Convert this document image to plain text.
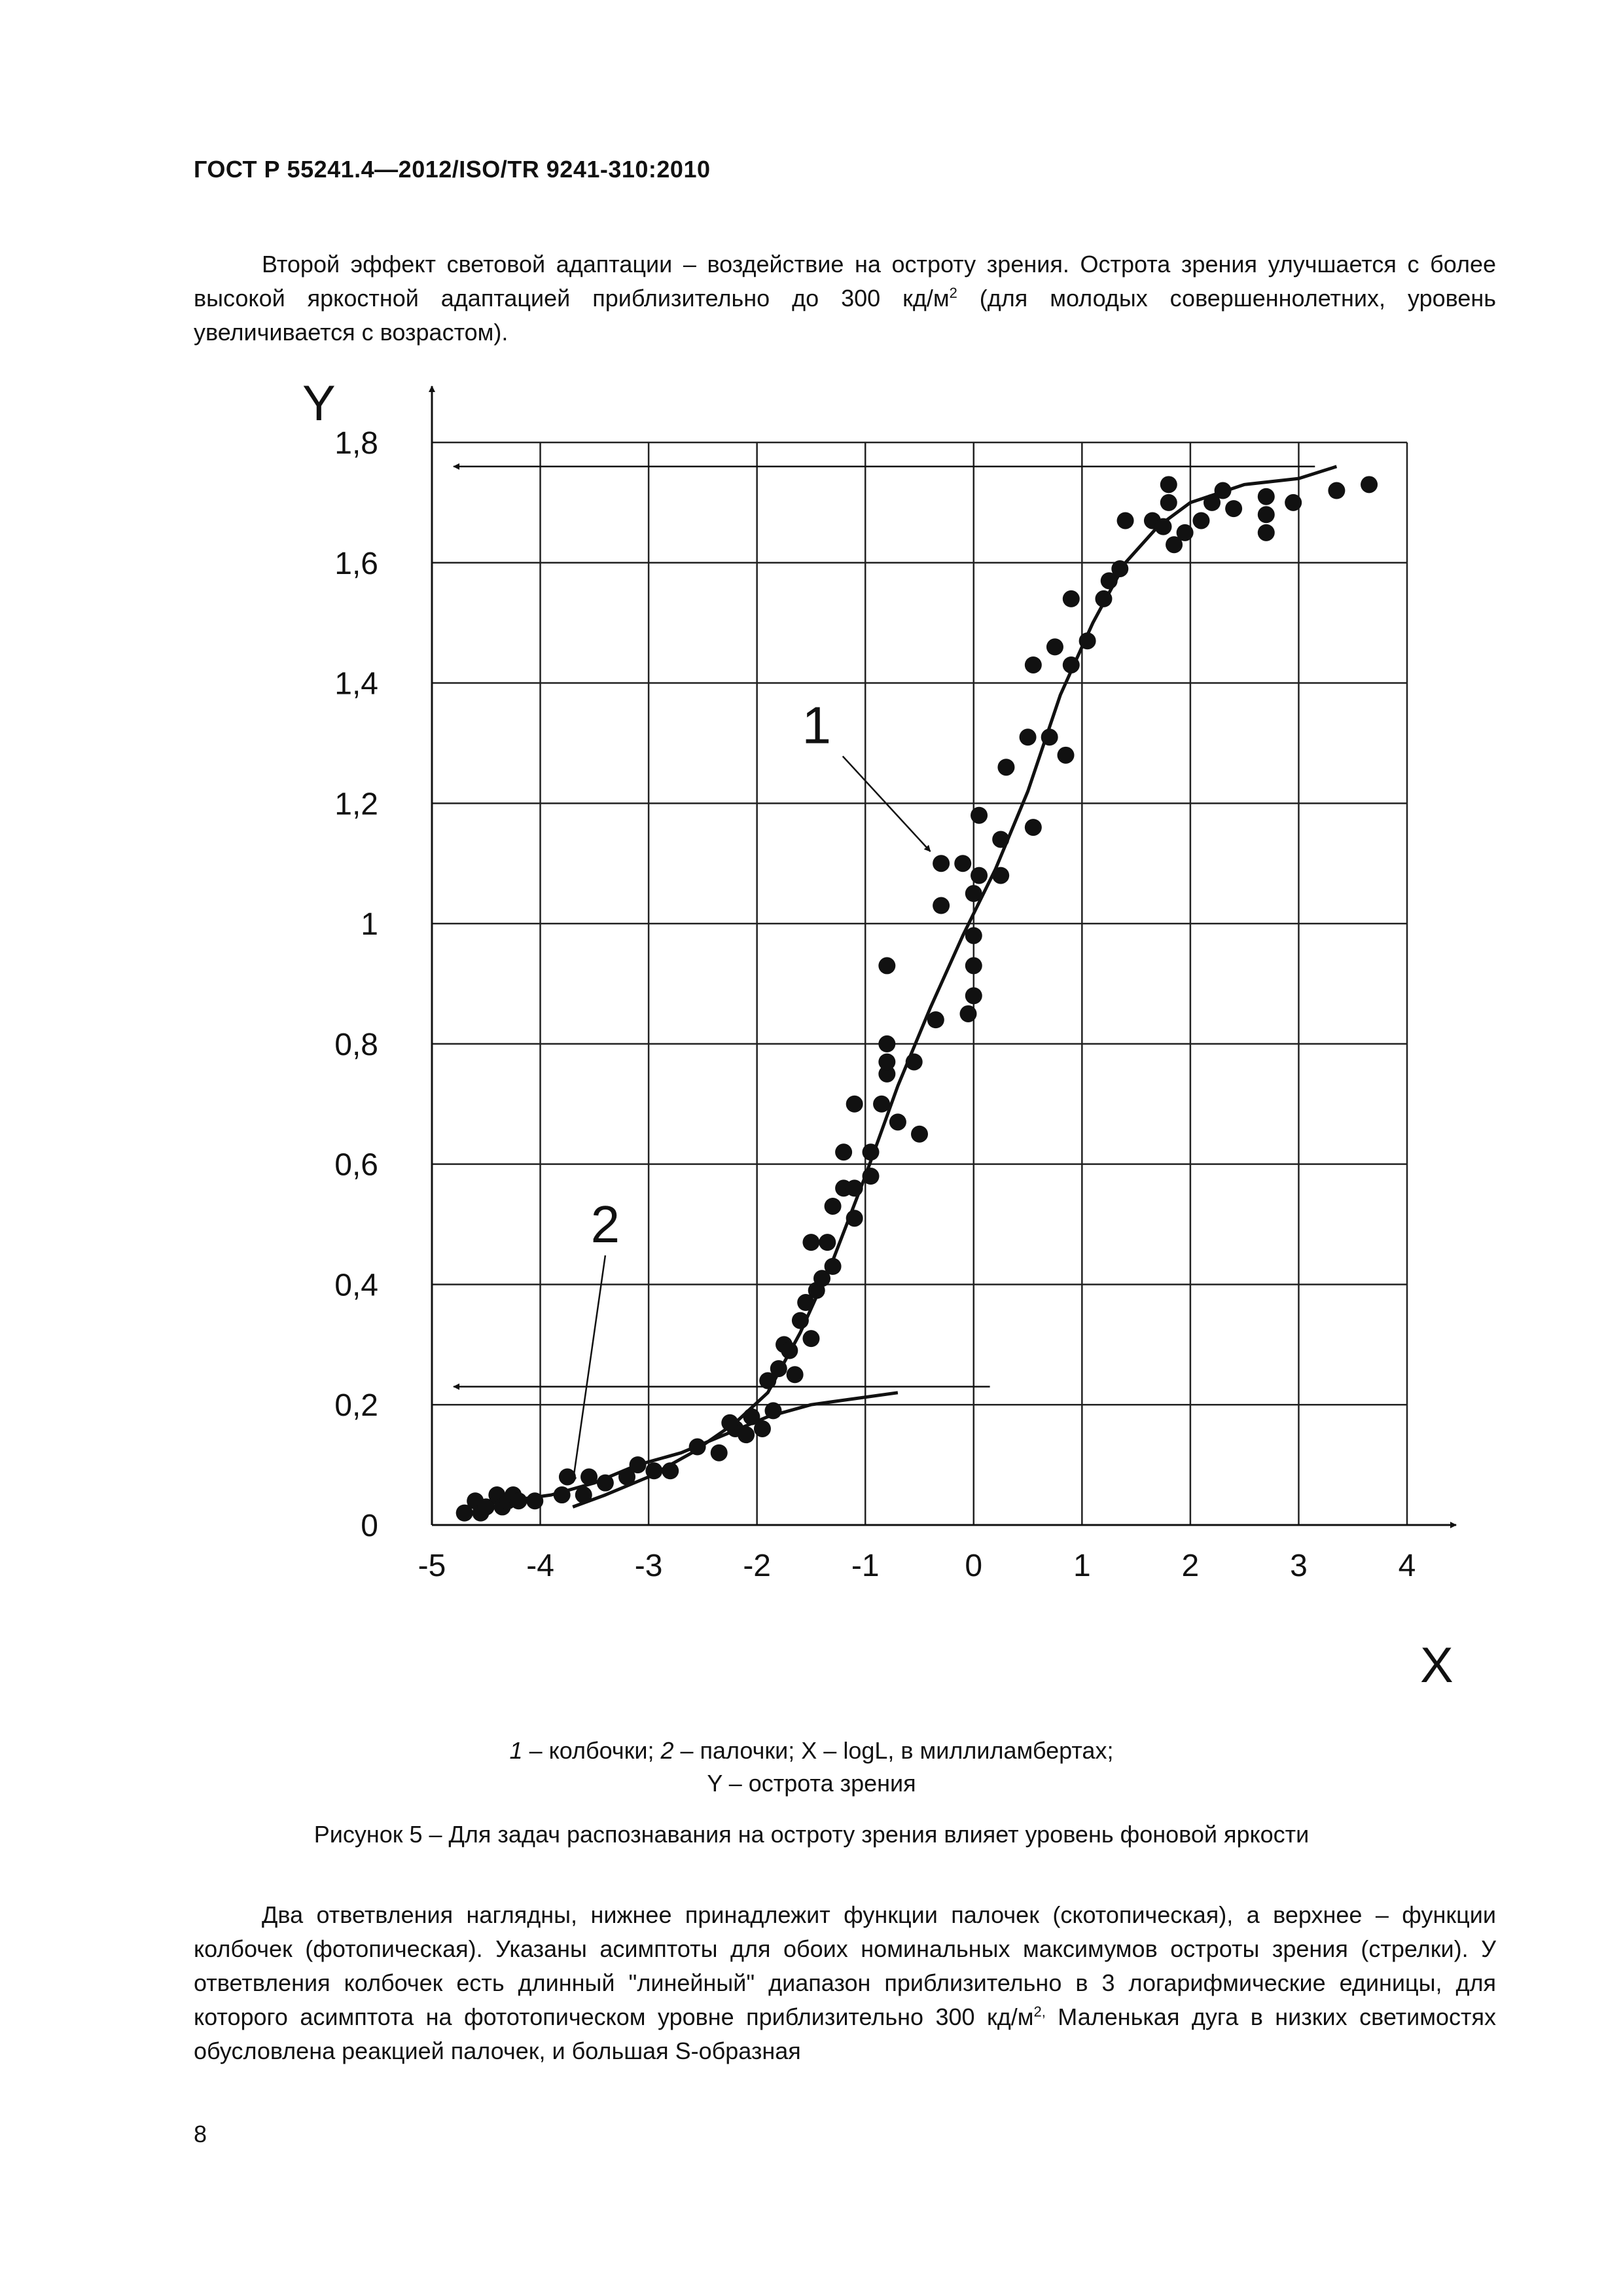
ГОСТ Р 55241.4—2012/ISO/TR 9241-310:2010

Второй эффект световой адаптации – воздействие на остроту зрения. Острота зрения улучшается с более высокой яркостной адаптацией приблизительно до 300 $кд/м^2$ (для молодых совершеннолетних, уровень увеличивается с возрастом).

-5	-4	-3	-2	-1	0	1	2	3	4
0
0,2
0,4
0,6
0,8
1
1,2
1,4
1,6
1,8
Y
X
1
2
1 – колбочки; 2 – палочки; X – logL, в миллиламбертах;
Y – острота зрения
Рисунок 5 – Для задач распознавания на остроту зрения влияет уровень фоновой яркости

Два ответвления наглядны, нижнее принадлежит функции палочек (скотопическая), а верхнее – функции колбочек (фотопическая). Указаны асимптоты для обоих номинальных максимумов остроты зрения (стрелки). У ответвления колбочек есть длинный "линейный" диапазон приблизительно в 3 логарифмические единицы, для которого асимптота на фототопическом уровне приблизительно 300 $кд/м^{2,}$ Маленькая дуга в низких светимостях обусловлена реакцией палочек, и большая S-образная

8
